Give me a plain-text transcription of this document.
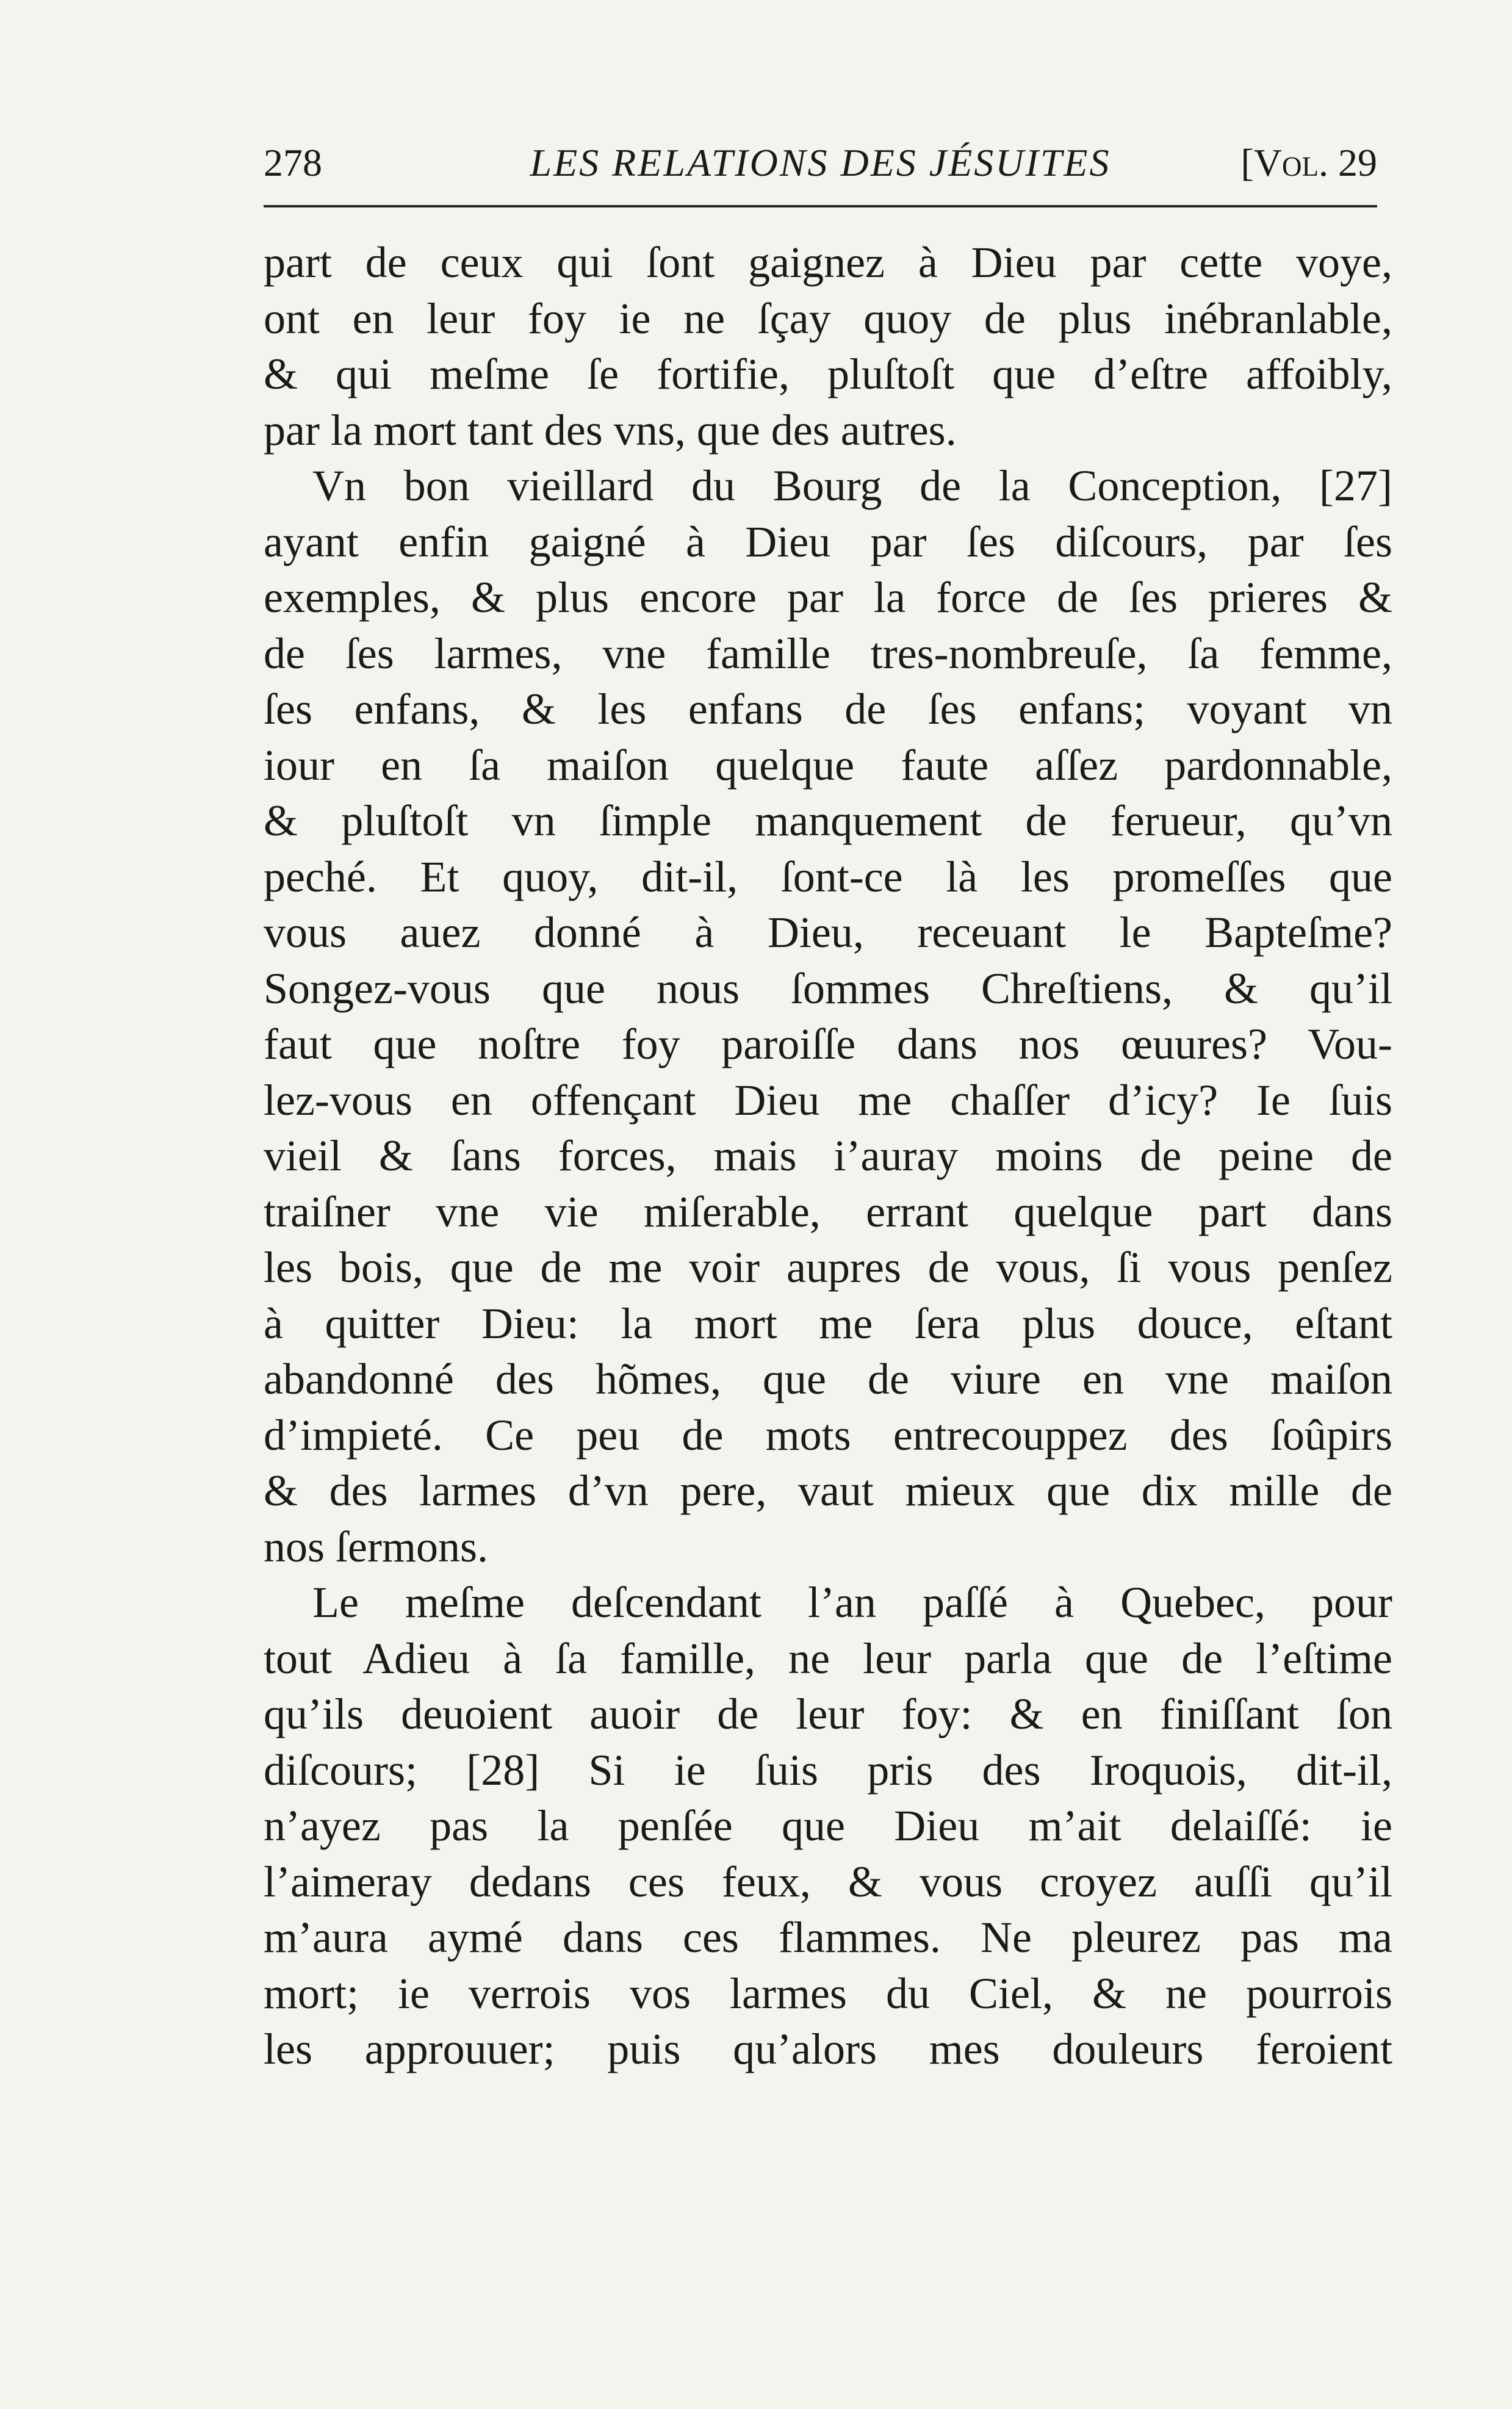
278	LES RELATIONS DES JÉSUITES	[Vol. 29
part de ceux qui ſont gaignez à Dieu par cette voye,
ont en leur foy ie ne ſçay quoy de plus inébranlable,
& qui meſme ſe fortifie, pluſtoſt que d’eſtre affoibly,
par la mort tant des vns, que des autres.
Vn bon vieillard du Bourg de la Conception, [27]
ayant enfin gaigné à Dieu par ſes diſcours, par ſes
exemples, & plus encore par la force de ſes prieres &
de ſes larmes, vne famille tres-nombreuſe, ſa femme,
ſes enfans, & les enfans de ſes enfans; voyant vn
iour en ſa maiſon quelque faute aſſez pardonnable,
& pluſtoſt vn ſimple manquement de ferueur, qu’vn
peché. Et quoy, dit-il, ſont-ce là les promeſſes que
vous auez donné à Dieu, receuant le Bapteſme?
Songez-vous que nous ſommes Chreſtiens, & qu’il
faut que noſtre foy paroiſſe dans nos œuures? Vou-
lez-vous en offençant Dieu me chaſſer d’icy? Ie ſuis
vieil & ſans forces, mais i’auray moins de peine de
traiſner vne vie miſerable, errant quelque part dans
les bois, que de me voir aupres de vous, ſi vous penſez
à quitter Dieu: la mort me ſera plus douce, eſtant
abandonné des hõmes, que de viure en vne maiſon
d’impieté. Ce peu de mots entrecouppez des ſoûpirs
& des larmes d’vn pere, vaut mieux que dix mille de
nos ſermons.
Le meſme deſcendant l’an paſſé à Quebec, pour
tout Adieu à ſa famille, ne leur parla que de l’eſtime
qu’ils deuoient auoir de leur foy: & en finiſſant ſon
diſcours; [28] Si ie ſuis pris des Iroquois, dit-il,
n’ayez pas la penſée que Dieu m’ait delaiſſé: ie
l’aimeray dedans ces feux, & vous croyez auſſi qu’il
m’aura aymé dans ces flammes. Ne pleurez pas ma
mort; ie verrois vos larmes du Ciel, & ne pourrois
les approuuer; puis qu’alors mes douleurs feroient
